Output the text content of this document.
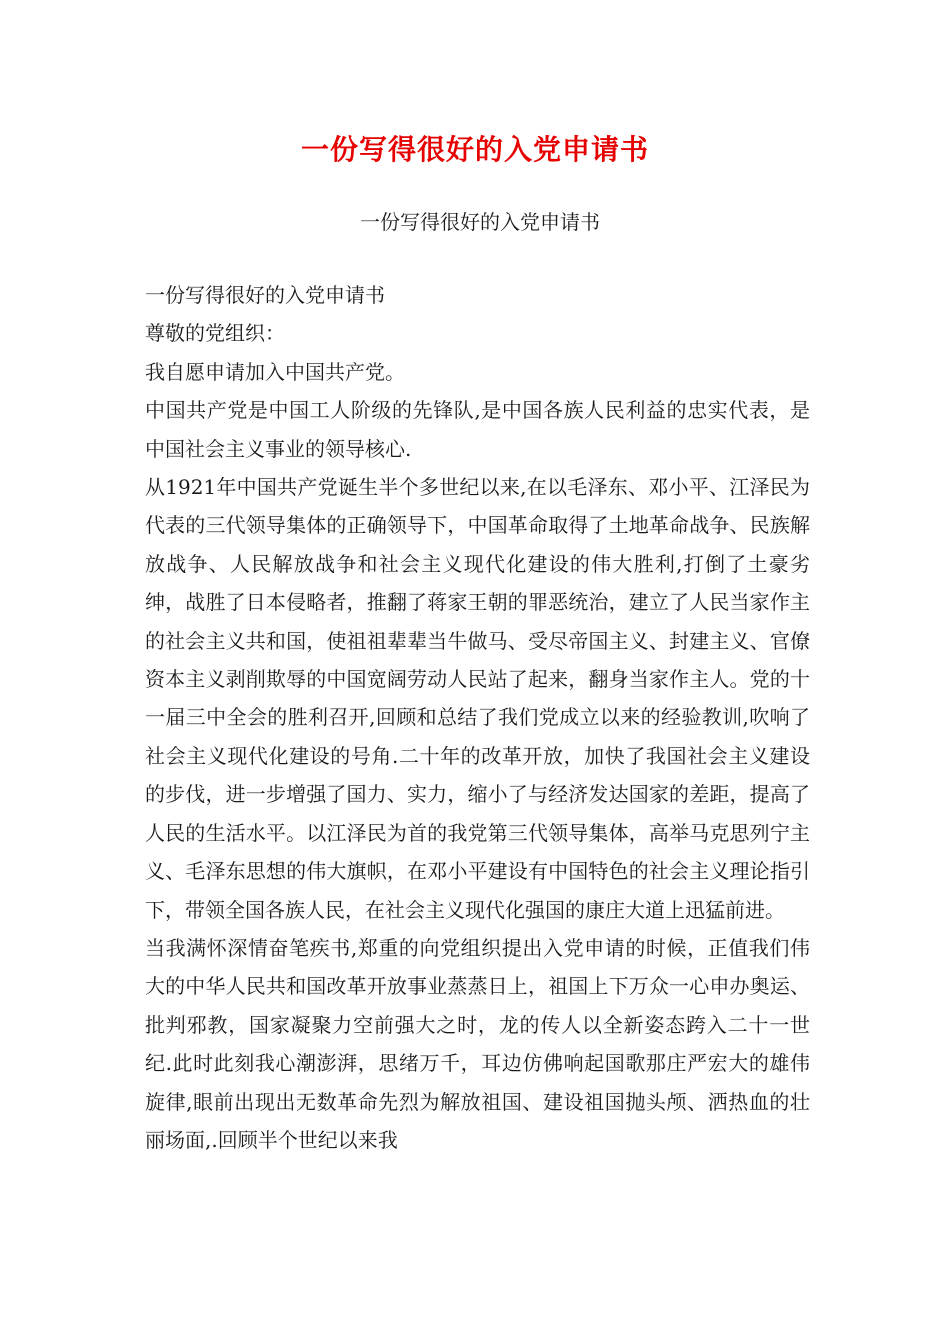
一份写得很好的入党申请书
一份写得很好的入党申请书

一份写得很好的入党申请书

尊敬的党组织：

我自愿申请加入中国共产党。

中国共产党是中国工人阶级的先锋队,是中国各族人民利益的忠实代表，是中国社会主义事业的领导核心.

从1921年中国共产党诞生半个多世纪以来,在以毛泽东、邓小平、江泽民为代表的三代领导集体的正确领导下，中国革命取得了土地革命战争、民族解放战争、人民解放战争和社会主义现代化建设的伟大胜利,打倒了土豪劣绅，战胜了日本侵略者，推翻了蒋家王朝的罪恶统治，建立了人民当家作主的社会主义共和国，使祖祖辈辈当牛做马、受尽帝国主义、封建主义、官僚资本主义剥削欺辱的中国宽阔劳动人民站了起来，翻身当家作主人。党的十一届三中全会的胜利召开,回顾和总结了我们党成立以来的经验教训,吹响了社会主义现代化建设的号角.二十年的改革开放，加快了我国社会主义建设的步伐，进一步增强了国力、实力，缩小了与经济发达国家的差距，提高了人民的生活水平。以江泽民为首的我党第三代领导集体，高举马克思列宁主义、毛泽东思想的伟大旗帜，在邓小平建设有中国特色的社会主义理论指引下，带领全国各族人民，在社会主义现代化强国的康庄大道上迅猛前进。

当我满怀深情奋笔疾书,郑重的向党组织提出入党申请的时候，正值我们伟大的中华人民共和国改革开放事业蒸蒸日上，祖国上下万众一心申办奥运、批判邪教，国家凝聚力空前强大之时，龙的传人以全新姿态跨入二十一世纪.此时此刻我心潮澎湃，思绪万千，耳边仿佛响起国歌那庄严宏大的雄伟旋律,眼前出现出无数革命先烈为解放祖国、建设祖国抛头颅、洒热血的壮丽场面,.回顾半个世纪以来我
